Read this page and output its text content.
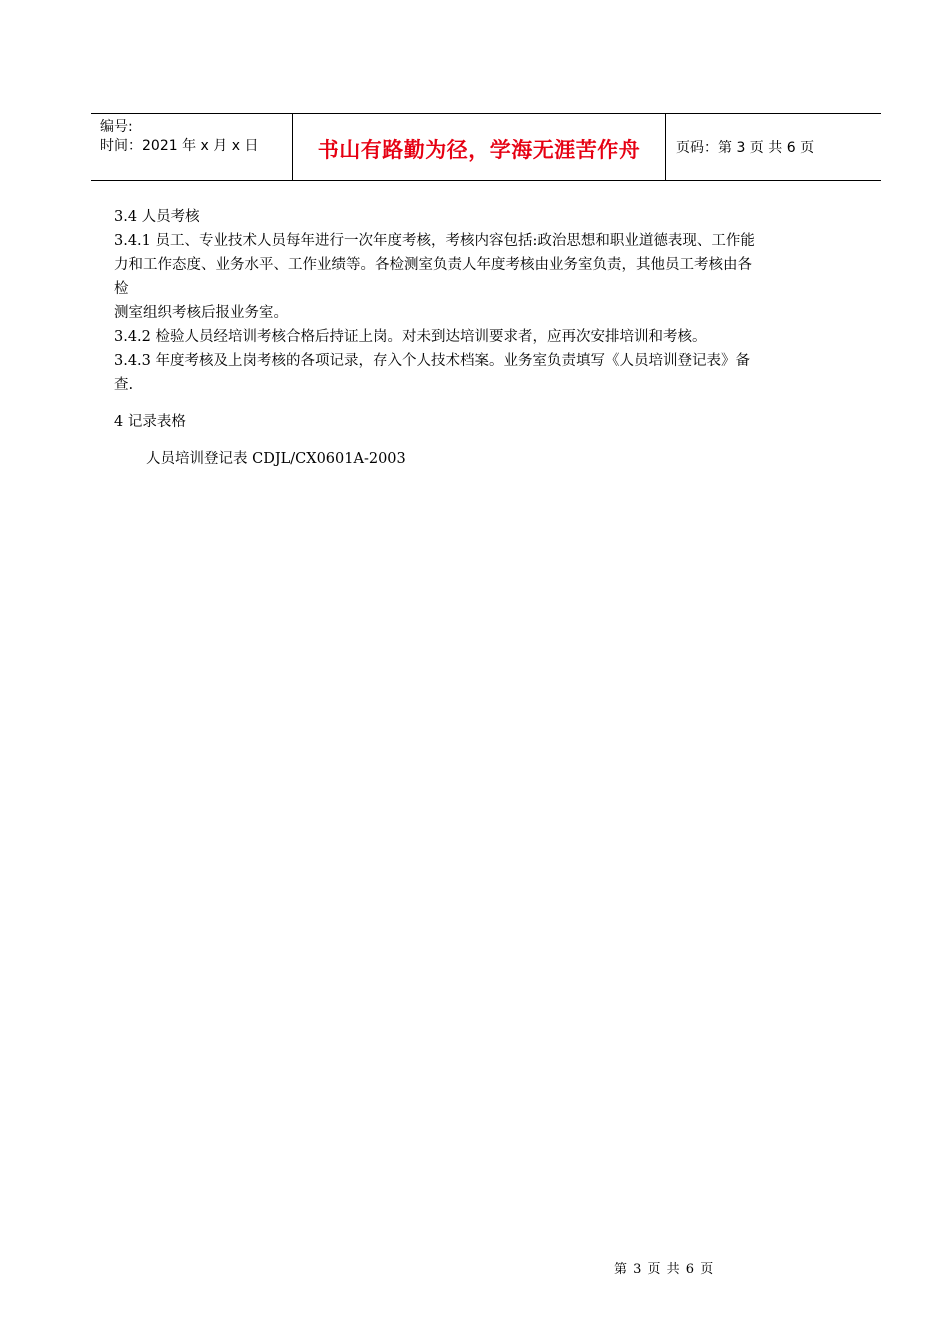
编号:
时间：2021 年 x 月 x 日	书山有路勤为径，学海无涯苦作舟	页码：第 3 页 共 6 页

3.4 人员考核

3.4.1 员工、专业技术人员每年进行一次年度考核，考核内容包括:政治思想和职业道德表现、工作能

力和工作态度、业务水平、工作业绩等。各检测室负责人年度考核由业务室负责，其他员工考核由各

检

测室组织考核后报业务室。

3.4.2 检验人员经培训考核合格后持证上岗。对未到达培训要求者，应再次安排培训和考核。

3.4.3 年度考核及上岗考核的各项记录，存入个人技术档案。业务室负责填写《人员培训登记表》备

查.

4 记录表格

人员培训登记表 CDJL/CX0601A-2003

第 3 页 共 6 页
